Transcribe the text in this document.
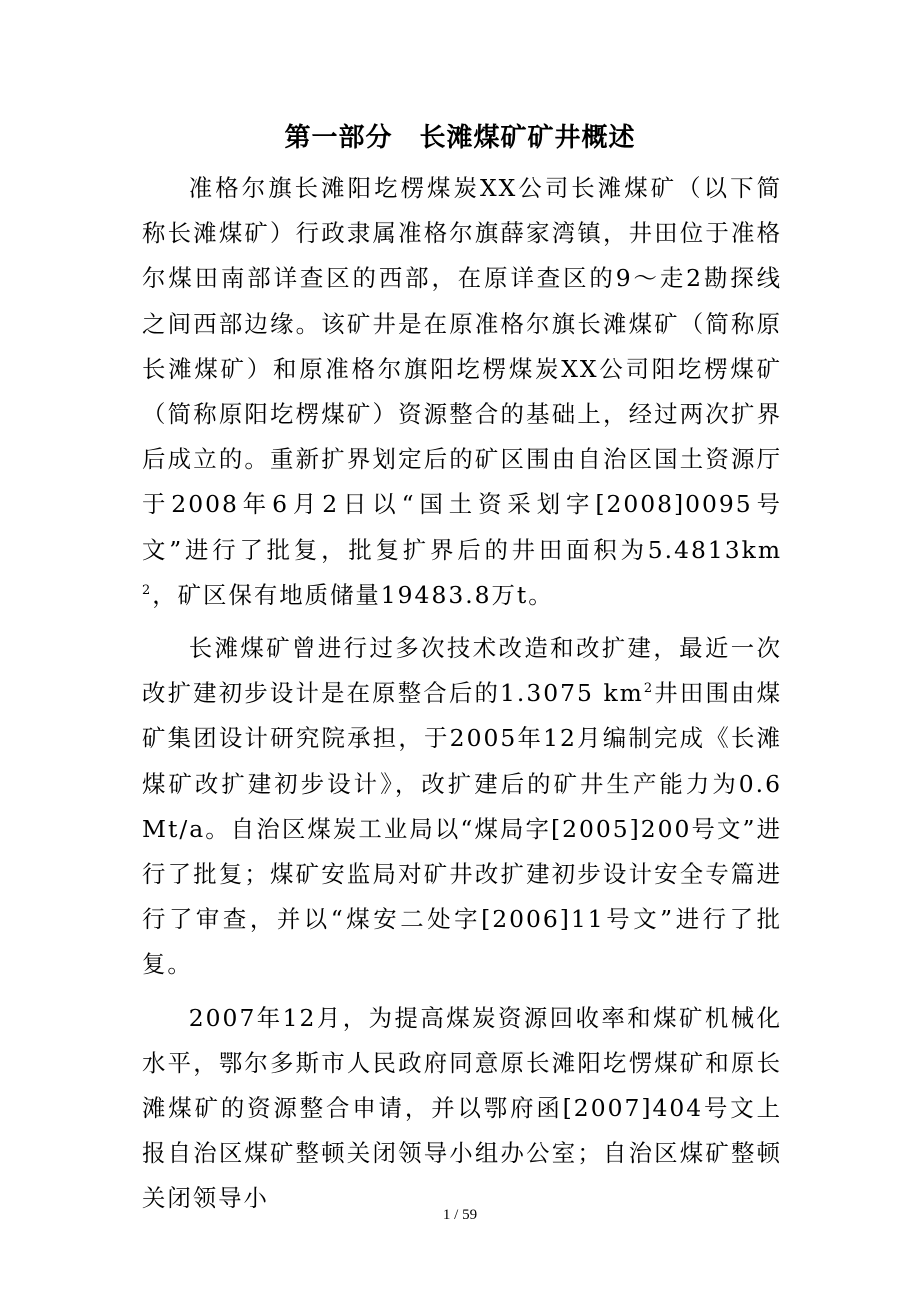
第一部分　长滩煤矿矿井概述

准格尔旗长滩阳圪楞煤炭XX公司长滩煤矿（以下简称长滩煤矿）行政隶属准格尔旗薛家湾镇，井田位于准格尔煤田南部详查区的西部，在原详查区的9～走2勘探线之间西部边缘。该矿井是在原准格尔旗长滩煤矿（简称原长滩煤矿）和原准格尔旗阳圪楞煤炭XX公司阳圪楞煤矿（简称原阳圪楞煤矿）资源整合的基础上，经过两次扩界后成立的。重新扩界划定后的矿区围由自治区国土资源厅于2008年6月2日以“国土资采划字[2008]0095号文”进行了批复，批复扩界后的井田面积为$5.4813km^2$，矿区保有地质储量19483.8万t。

长滩煤矿曾进行过多次技术改造和改扩建，最近一次改扩建初步设计是在原整合后的1.3075 $km^2$井田围由煤矿集团设计研究院承担，于2005年12月编制完成《长滩煤矿改扩建初步设计》，改扩建后的矿井生产能力为0.6 Mt/a。自治区煤炭工业局以“煤局字[2005]200号文”进行了批复；煤矿安监局对矿井改扩建初步设计安全专篇进行了审查，并以“煤安二处字[2006]11号文”进行了批复。

2007年12月，为提高煤炭资源回收率和煤矿机械化水平，鄂尔多斯市人民政府同意原长滩阳圪愣煤矿和原长滩煤矿的资源整合申请，并以鄂府函[2007]404号文上报自治区煤矿整顿关闭领导小组办公室；自治区煤矿整顿关闭领导小

1 / 59
